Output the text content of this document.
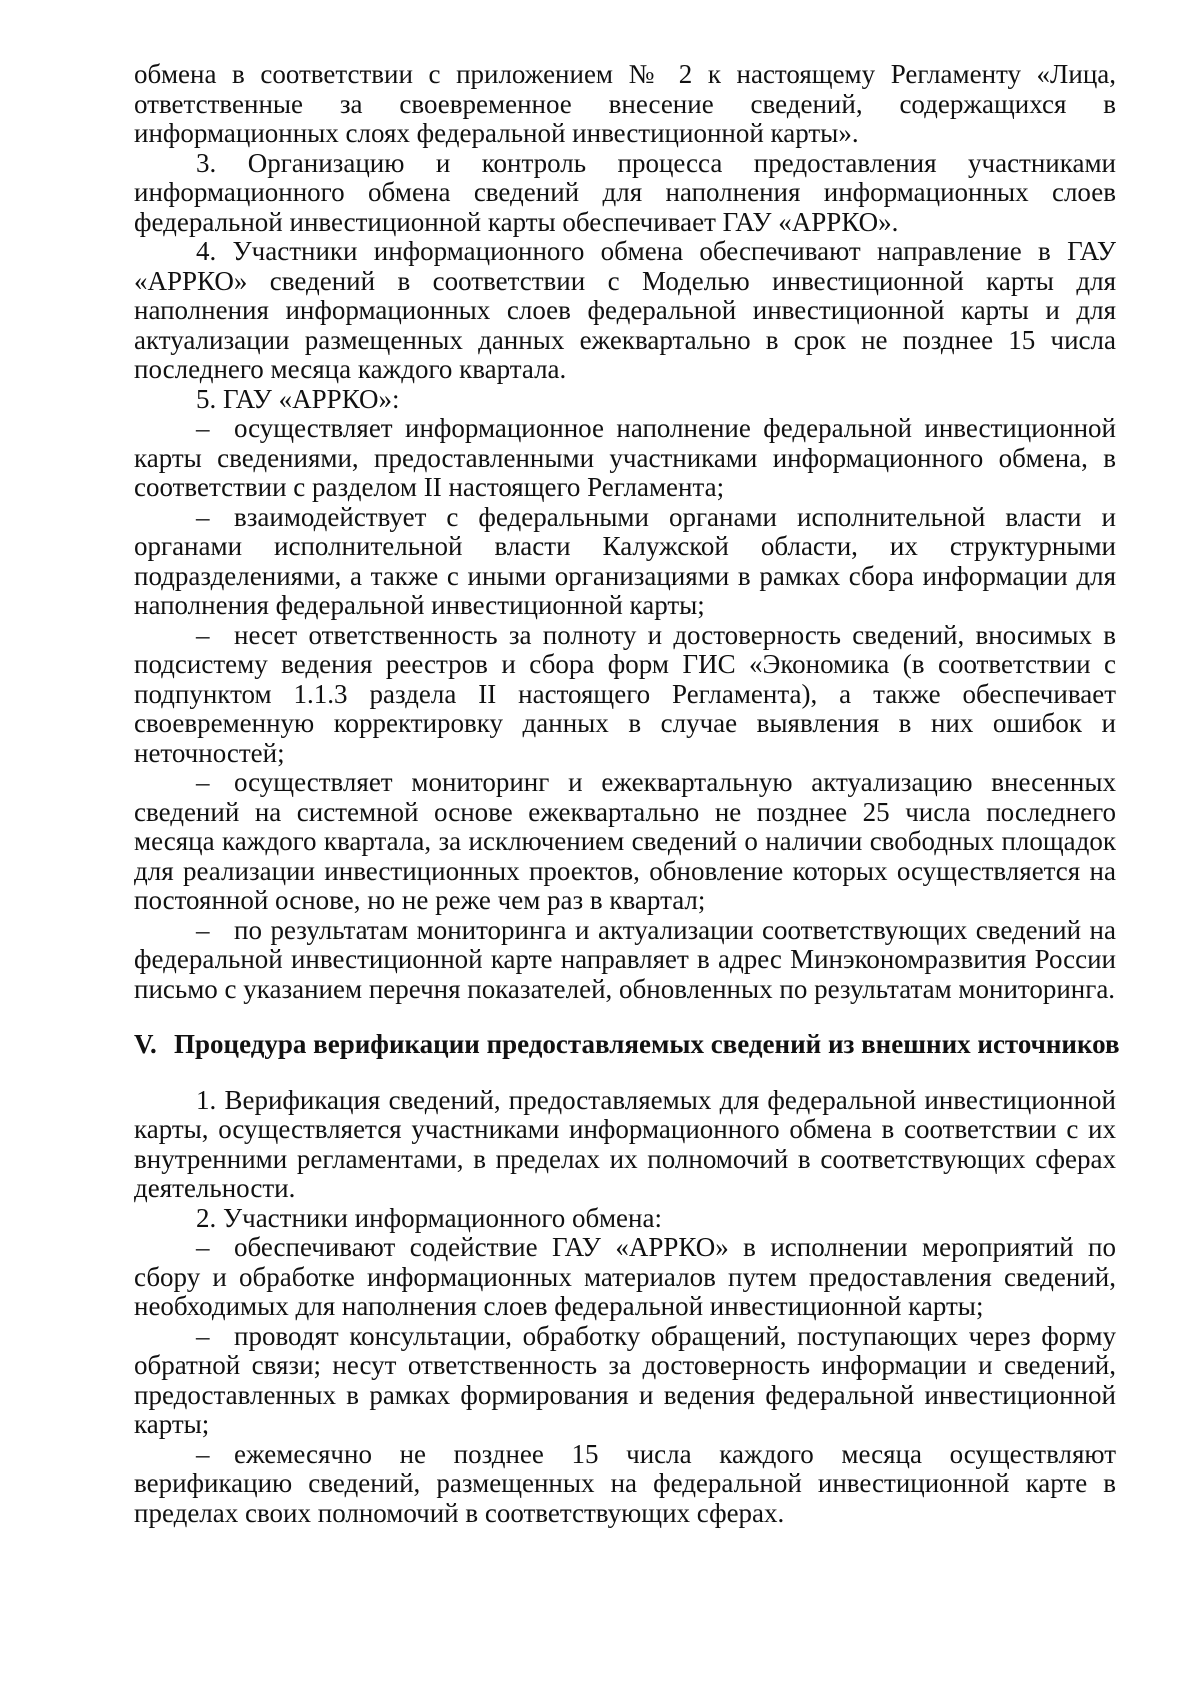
обмена в соответствии с приложением № 2 к настоящему Регламенту «Лица, ответственные за своевременное внесение сведений, содержащихся в информационных слоях федеральной инвестиционной карты».

3. Организацию и контроль процесса предоставления участниками информационного обмена сведений для наполнения информационных слоев федеральной инвестиционной карты обеспечивает ГАУ «АРРКО».

4. Участники информационного обмена обеспечивают направление в ГАУ «АРРКО» сведений в соответствии с Моделью инвестиционной карты для наполнения информационных слоев федеральной инвестиционной карты и для актуализации размещенных данных ежеквартально в срок не позднее 15 числа последнего месяца каждого квартала.

5. ГАУ «АРРКО»:

– осуществляет информационное наполнение федеральной инвестиционной карты сведениями, предоставленными участниками информационного обмена, в соответствии с разделом II настоящего Регламента;

– взаимодействует с федеральными органами исполнительной власти и органами исполнительной власти Калужской области, их структурными подразделениями, а также с иными организациями в рамках сбора информации для наполнения федеральной инвестиционной карты;

– несет ответственность за полноту и достоверность сведений, вносимых в подсистему ведения реестров и сбора форм ГИС «Экономика (в соответствии с подпунктом 1.1.3 раздела II настоящего Регламента), а также обеспечивает своевременную корректировку данных в случае выявления в них ошибок и неточностей;

– осуществляет мониторинг и ежеквартальную актуализацию внесенных сведений на системной основе ежеквартально не позднее 25 числа последнего месяца каждого квартала, за исключением сведений о наличии свободных площадок для реализации инвестиционных проектов, обновление которых осуществляется на постоянной основе, но не реже чем раз в квартал;

– по результатам мониторинга и актуализации соответствующих сведений на федеральной инвестиционной карте направляет в адрес Минэкономразвития России письмо с указанием перечня показателей, обновленных по результатам мониторинга.

V. Процедура верификации предоставляемых сведений из внешних источников

1. Верификация сведений, предоставляемых для федеральной инвестиционной карты, осуществляется участниками информационного обмена в соответствии с их внутренними регламентами, в пределах их полномочий в соответствующих сферах деятельности.

2. Участники информационного обмена:

– обеспечивают содействие ГАУ «АРРКО» в исполнении мероприятий по сбору и обработке информационных материалов путем предоставления сведений, необходимых для наполнения слоев федеральной инвестиционной карты;

– проводят консультации, обработку обращений, поступающих через форму обратной связи; несут ответственность за достоверность информации и сведений, предоставленных в рамках формирования и ведения федеральной инвестиционной карты;

– ежемесячно не позднее 15 числа каждого месяца осуществляют верификацию сведений, размещенных на федеральной инвестиционной карте в пределах своих полномочий в соответствующих сферах.
